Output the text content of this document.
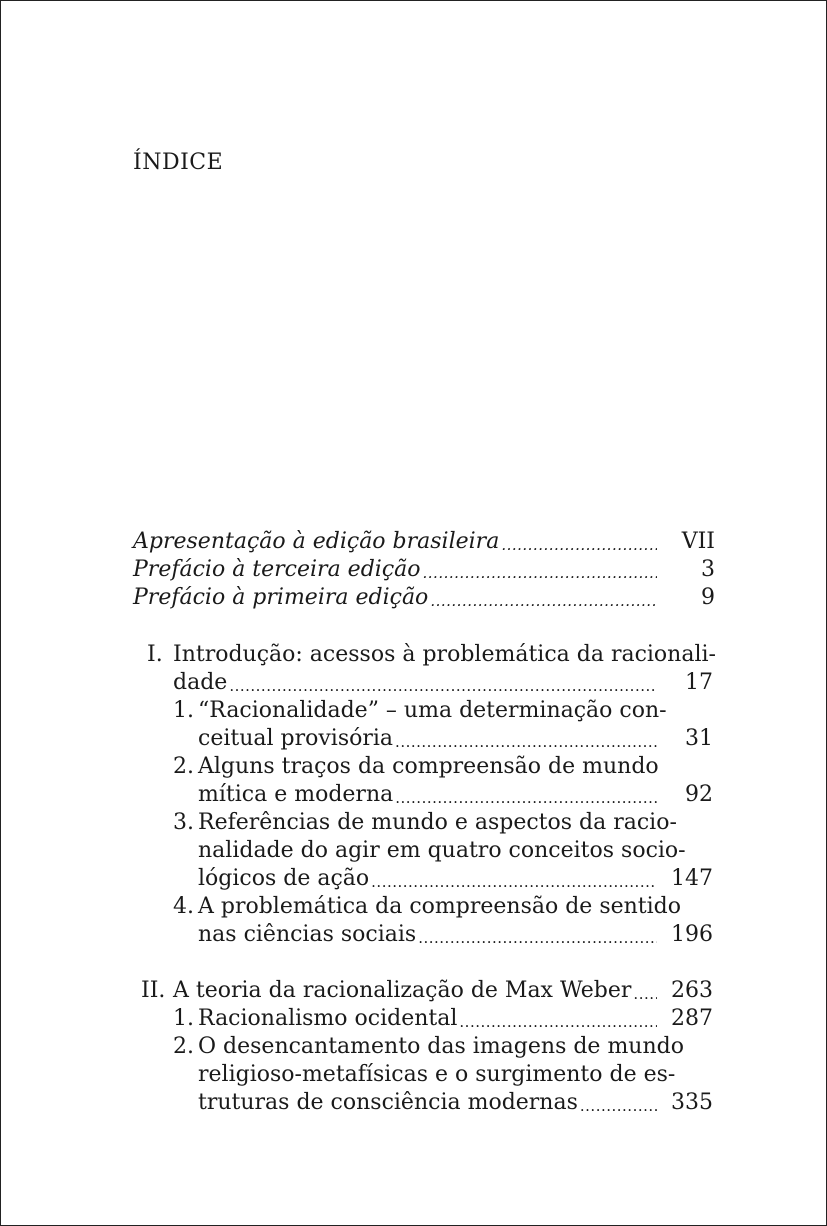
ÍNDICE
Apresentação à edição brasileira .....	VII
Prefácio à terceira edição .....	3
Prefácio à primeira edição .....	9
I. Introdução: acessos à problemática da racionali-
dade .....	17
1. “Racionalidade” – uma determinação con-
ceitual provisória .....	31
2. Alguns traços da compreensão de mundo
mítica e moderna .....	92
3. Referências de mundo e aspectos da racio-
nalidade do agir em quatro conceitos socio-
lógicos de ação .....	147
4. A problemática da compreensão de sentido
nas ciências sociais .....	196
II. A teoria da racionalização de Max Weber .....	263
1. Racionalismo ocidental .....	287
2. O desencantamento das imagens de mundo
religioso-metafísicas e o surgimento de es-
truturas de consciência modernas .....	335
